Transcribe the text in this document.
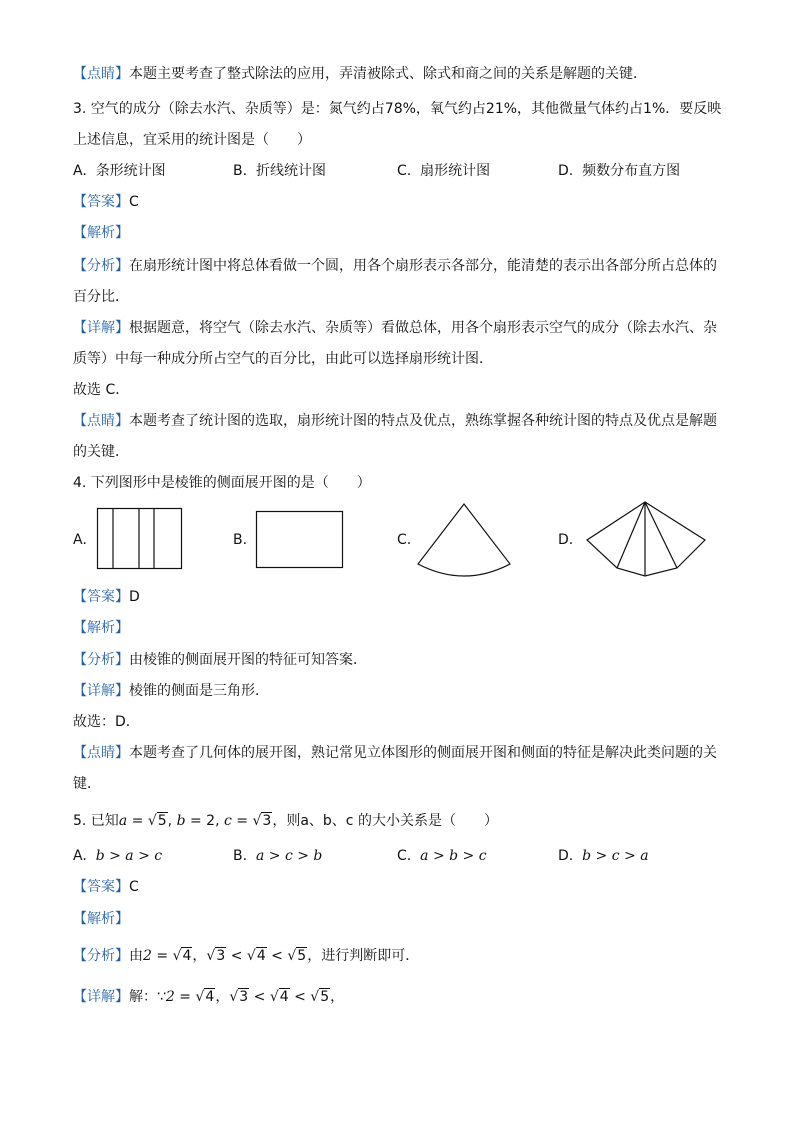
【点睛】本题主要考查了整式除法的应用，弄清被除式、除式和商之间的关系是解题的关键．
3. 空气的成分（除去水汽、杂质等）是：氮气约占78%，氧气约占21%，其他微量气体约占1%．要反映
上述信息，宜采用的统计图是（　　）
A. 条形统计图	B. 折线统计图	C. 扇形统计图	D. 频数分布直方图
【答案】C
【解析】
【分析】在扇形统计图中将总体看做一个圆，用各个扇形表示各部分，能清楚的表示出各部分所占总体的
百分比．
【详解】根据题意，将空气（除去水汽、杂质等）看做总体，用各个扇形表示空气的成分（除去水汽、杂
质等）中每一种成分所占空气的百分比，由此可以选择扇形统计图．
故选 C．
【点睛】本题考查了统计图的选取，扇形统计图的特点及优点，熟练掌握各种统计图的特点及优点是解题
的关键．
4. 下列图形中是棱锥的侧面展开图的是（　　）
A.	B.	C.	D.
【答案】D
【解析】
【分析】由棱锥的侧面展开图的特征可知答案．
【详解】棱锥的侧面是三角形．
故选：D．
【点睛】本题考查了几何体的展开图，熟记常见立体图形的侧面展开图和侧面的特征是解决此类问题的关
键．
5. 已知a = √5, b = 2, c = √3，则a、b、c 的大小关系是（　　）
A. b > a > c	B. a > c > b	C. a > b > c	D. b > c > a
【答案】C
【解析】
【分析】由2 = √4，√3 < √4 < √5，进行判断即可．
【详解】解：∵2 = √4，√3 < √4 < √5，
